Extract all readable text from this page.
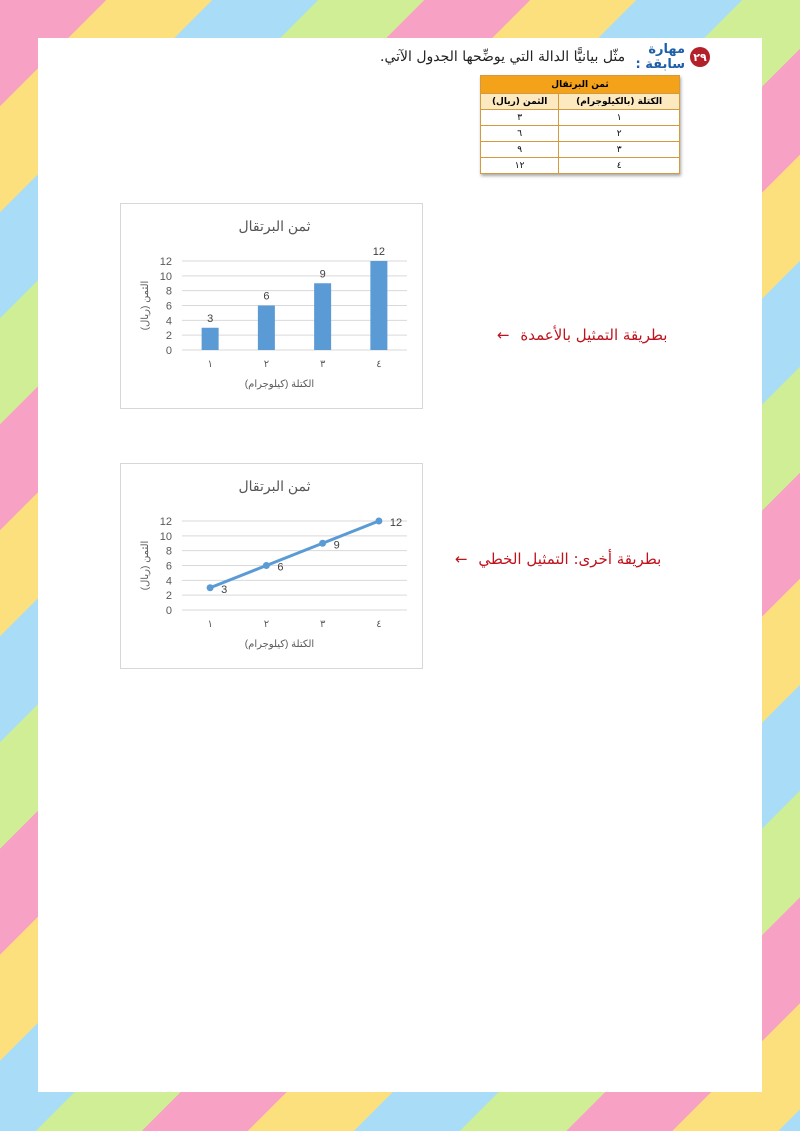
٢٩
مهارة سابقة :
مثّل بيانيًّا الدالة التي يوضِّحها الجدول الآتي.
ثمن البرتقال	
الكتلة (بالكيلوجرام)	الثمن (ريال)
١	٣
٢	٦
٣	٩
٤	١٢
ثمن البرتقال
0
2
4
6
8
10
12
١	٢	٣	٤
الكتلة (كيلوجرام)
الثمن (ريال)	3
6
9
12
بطريقة التمثيل بالأعمدة ←
ثمن البرتقال
0
2
4
6
8
10
12
١	٢	٣	٤
الكتلة (كيلوجرام)
الثمن (ريال)	3
6
9
12
بطريقة أخرى: التمثيل الخطي ←
